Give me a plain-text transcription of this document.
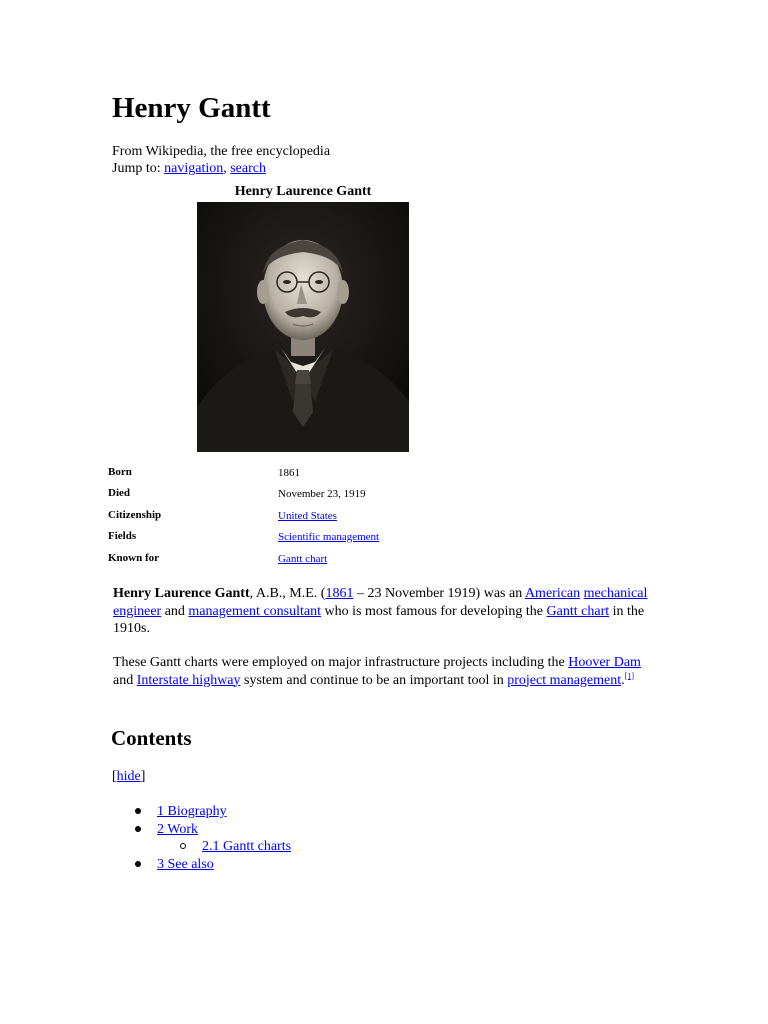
Henry Gantt
From Wikipedia, the free encyclopedia
Jump to: navigation, search
Henry Laurence Gantt
Born	1861
Died	November 23, 1919
Citizenship	United States
Fields	Scientific management
Known for	Gantt chart

Henry Laurence Gantt, A.B., M.E. (1861 – 23 November 1919) was an American mechanical engineer and management consultant who is most famous for developing the Gantt chart in the 1910s.

These Gantt charts were employed on major infrastructure projects including the Hoover Dam and Interstate highway system and continue to be an important tool in project management.[1]

Contents
[hide]
1 Biography
2 Work
2.1 Gantt charts
3 See also
